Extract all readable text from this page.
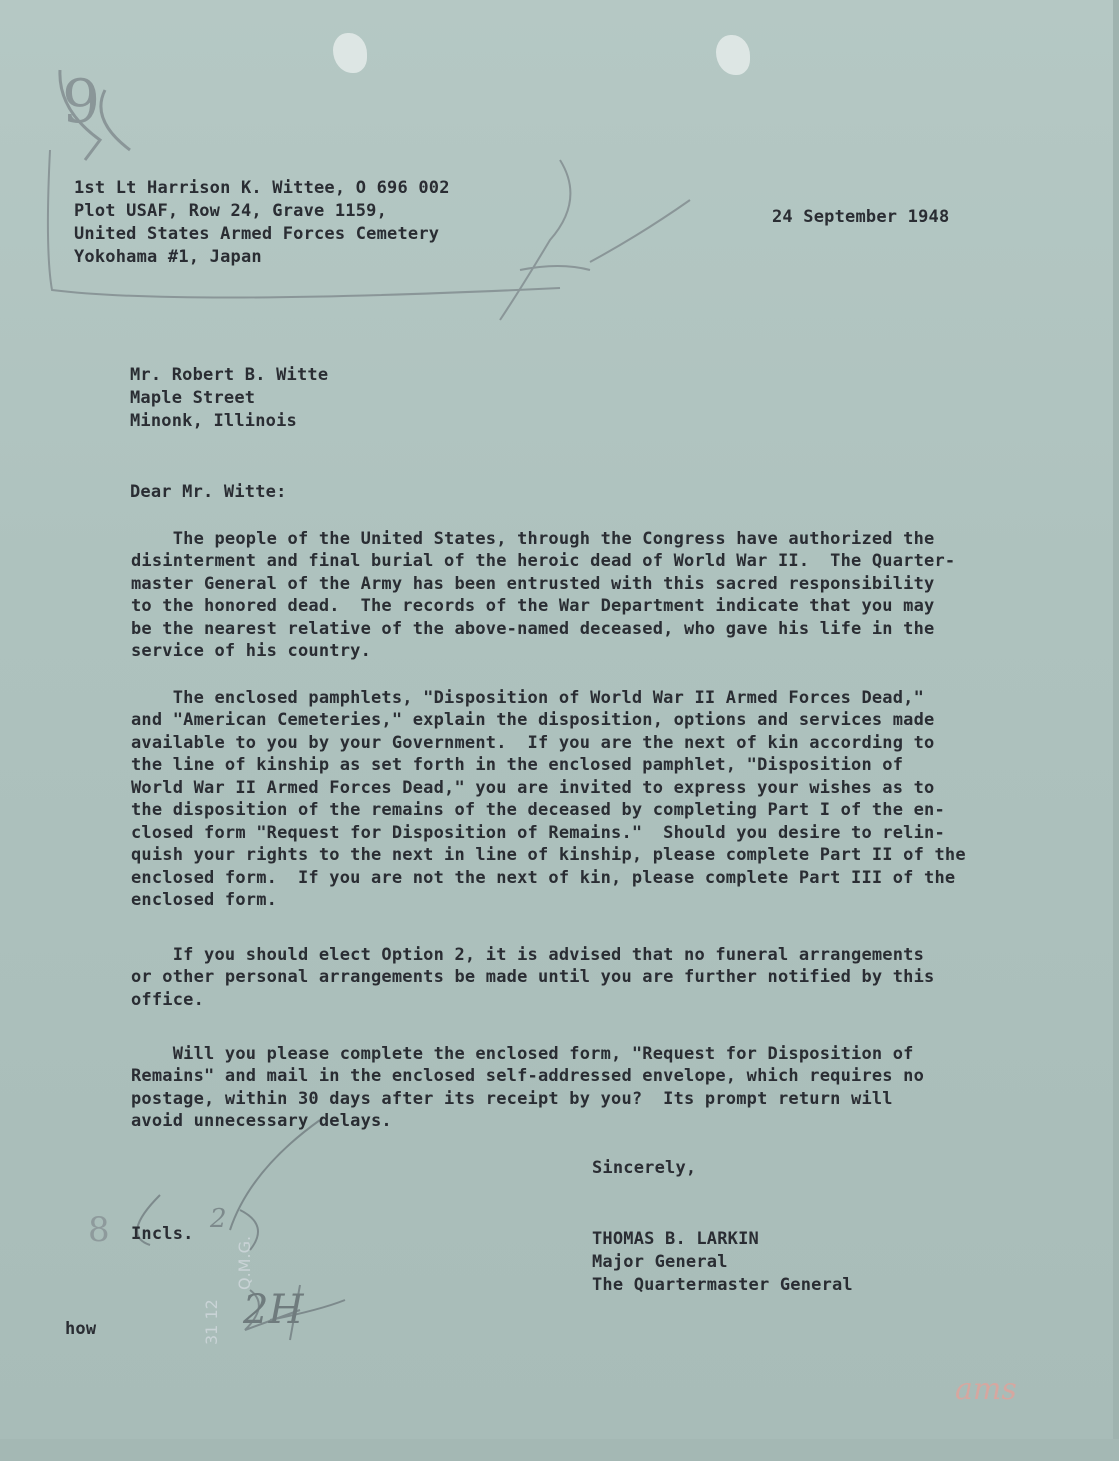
9
2
8
2H
1st Lt Harrison K. Wittee, O 696 002
Plot USAF, Row 24, Grave 1159,
United States Armed Forces Cemetery
Yokohama #1, Japan
24 September 1948
Mr. Robert B. Witte
Maple Street
Minonk, Illinois
Dear Mr. Witte:
The people of the United States, through the Congress have authorized the
disinterment and final burial of the heroic dead of World War II.  The Quarter-
master General of the Army has been entrusted with this sacred responsibility
to the honored dead.  The records of the War Department indicate that you may
be the nearest relative of the above-named deceased, who gave his life in the
service of his country.
The enclosed pamphlets, "Disposition of World War II Armed Forces Dead,"
and "American Cemeteries," explain the disposition, options and services made
available to you by your Government.  If you are the next of kin according to
the line of kinship as set forth in the enclosed pamphlet, "Disposition of
World War II Armed Forces Dead," you are invited to express your wishes as to
the disposition of the remains of the deceased by completing Part I of the en-
closed form "Request for Disposition of Remains."  Should you desire to relin-
quish your rights to the next in line of kinship, please complete Part II of the
enclosed form.  If you are not the next of kin, please complete Part III of the
enclosed form.
If you should elect Option 2, it is advised that no funeral arrangements
or other personal arrangements be made until you are further notified by this
office.
Will you please complete the enclosed form, "Request for Disposition of
Remains" and mail in the enclosed self-addressed envelope, which requires no
postage, within 30 days after its receipt by you?  Its prompt return will
avoid unnecessary delays.
Sincerely,
THOMAS B. LARKIN
Major General
The Quartermaster General
Incls.
how
Q.M.G.
31 12
ams
